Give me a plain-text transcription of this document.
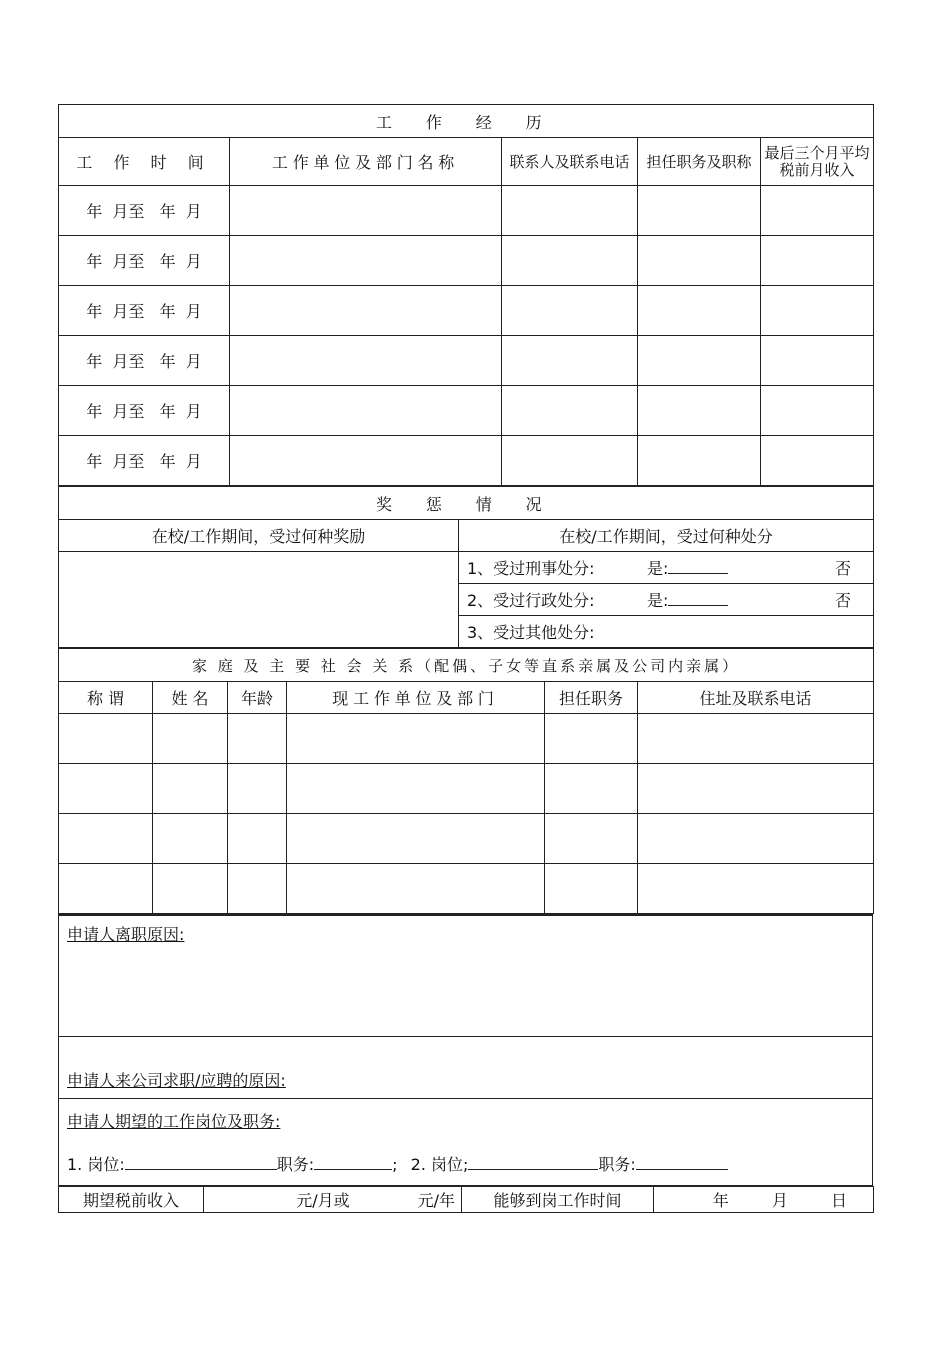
工 作 经 历				
工 作 时 间	工作单位及部门名称	联系人及联系电话	担任职务及职称	最后三个月平均税前月收入
年  月至   年  月				
年  月至   年  月				
年  月至   年  月				
年  月至   年  月				
年  月至   年  月				
年  月至   年  月				
奖 惩 情 况	
在校/工作期间，受过何种奖励	在校/工作期间，受过何种处分
	1、受过刑事处分: 是: 否

	2、受过行政处分: 是: 否

	3、受过其他处分:
家 庭 及 主 要 社 会 关 系（配偶、子女等直系亲属及公司内亲属）					
称 谓	姓 名	年龄	现工作单位及部门	担任职务	住址及联系电话

申请人离职原因:
申请人来公司求职/应聘的原因:

申请人期望的工作岗位及职务:
1. 岗位:	职务:	; 2. 岗位;	职务:
期望税前收入	元/月或	元/年	能够到岗工作时间	年	月	日
